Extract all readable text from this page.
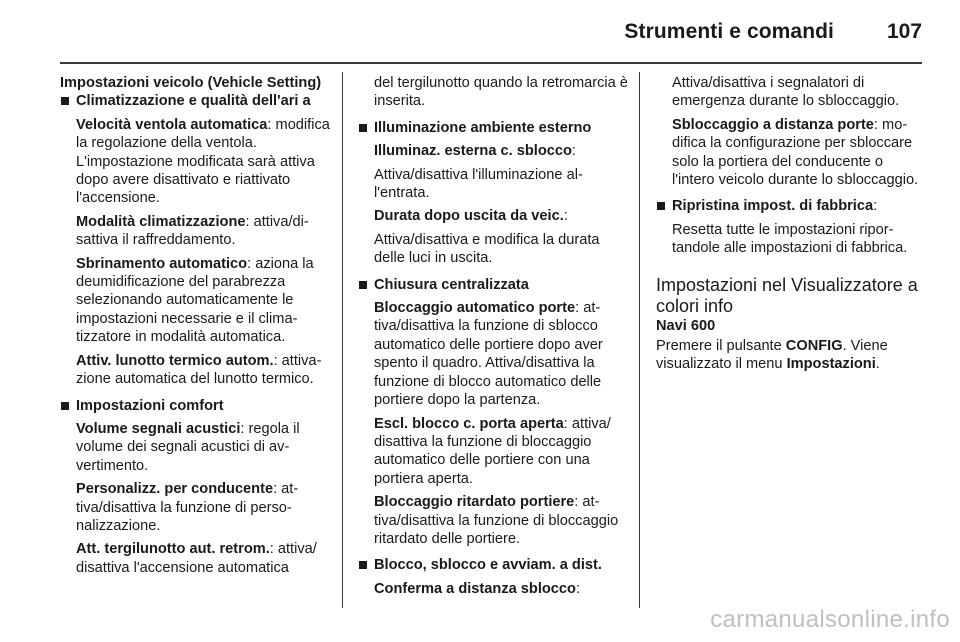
Strumenti e comandi	107
Impostazioni veicolo (Vehicle Setting)
Climatizzazione e qualità dell'ari a
Velocità ventola automatica: modifica la regolazione della ventola. L'impostazione modificata sarà attiva dopo avere disattivato e riattivato l'accensione.
Modalità climatizzazione: attiva/disattiva il raffreddamento.
Sbrinamento automatico: aziona la deumidificazione del parabrezza selezionando automaticamente le impostazioni necessarie e il climatizzatore in modalità automatica.
Attiv. lunotto termico autom.: attivazione automatica del lunotto termico.
Impostazioni comfort
Volume segnali acustici: regola il volume dei segnali acustici di avvertimento.
Personalizz. per conducente: attiva/disattiva la funzione di personalizzazione.
Att. tergilunotto aut. retrom.: attiva/ disattiva l'accensione automatica
del tergilunotto quando la retromarcia è inserita.
Illuminazione ambiente esterno
Illuminaz. esterna c. sblocco:
Attiva/disattiva l'illuminazione all'entrata.
Durata dopo uscita da veic.:
Attiva/disattiva e modifica la durata delle luci in uscita.
Chiusura centralizzata
Bloccaggio automatico porte: attiva/disattiva la funzione di sblocco automatico delle portiere dopo aver spento il quadro. Attiva/disattiva la funzione di blocco automatico delle portiere dopo la partenza.
Escl. blocco c. porta aperta: attiva/ disattiva la funzione di bloccaggio automatico delle portiere con una portiera aperta.
Bloccaggio ritardato portiere: attiva/disattiva la funzione di bloccaggio ritardato delle portiere.
Blocco, sblocco e avviam. a dist.
Conferma a distanza sblocco:
Attiva/disattiva i segnalatori di emergenza durante lo sbloccaggio.
Sbloccaggio a distanza porte: modifica la configurazione per sbloccare solo la portiera del conducente o l'intero veicolo durante lo sbloccaggio.
Ripristina impost. di fabbrica:
Resetta tutte le impostazioni riportandole alle impostazioni di fabbrica.
Impostazioni nel Visualizzatore a colori info
Navi 600
Premere il pulsante CONFIG. Viene visualizzato il menu Impostazioni.
carmanualsonline.info
